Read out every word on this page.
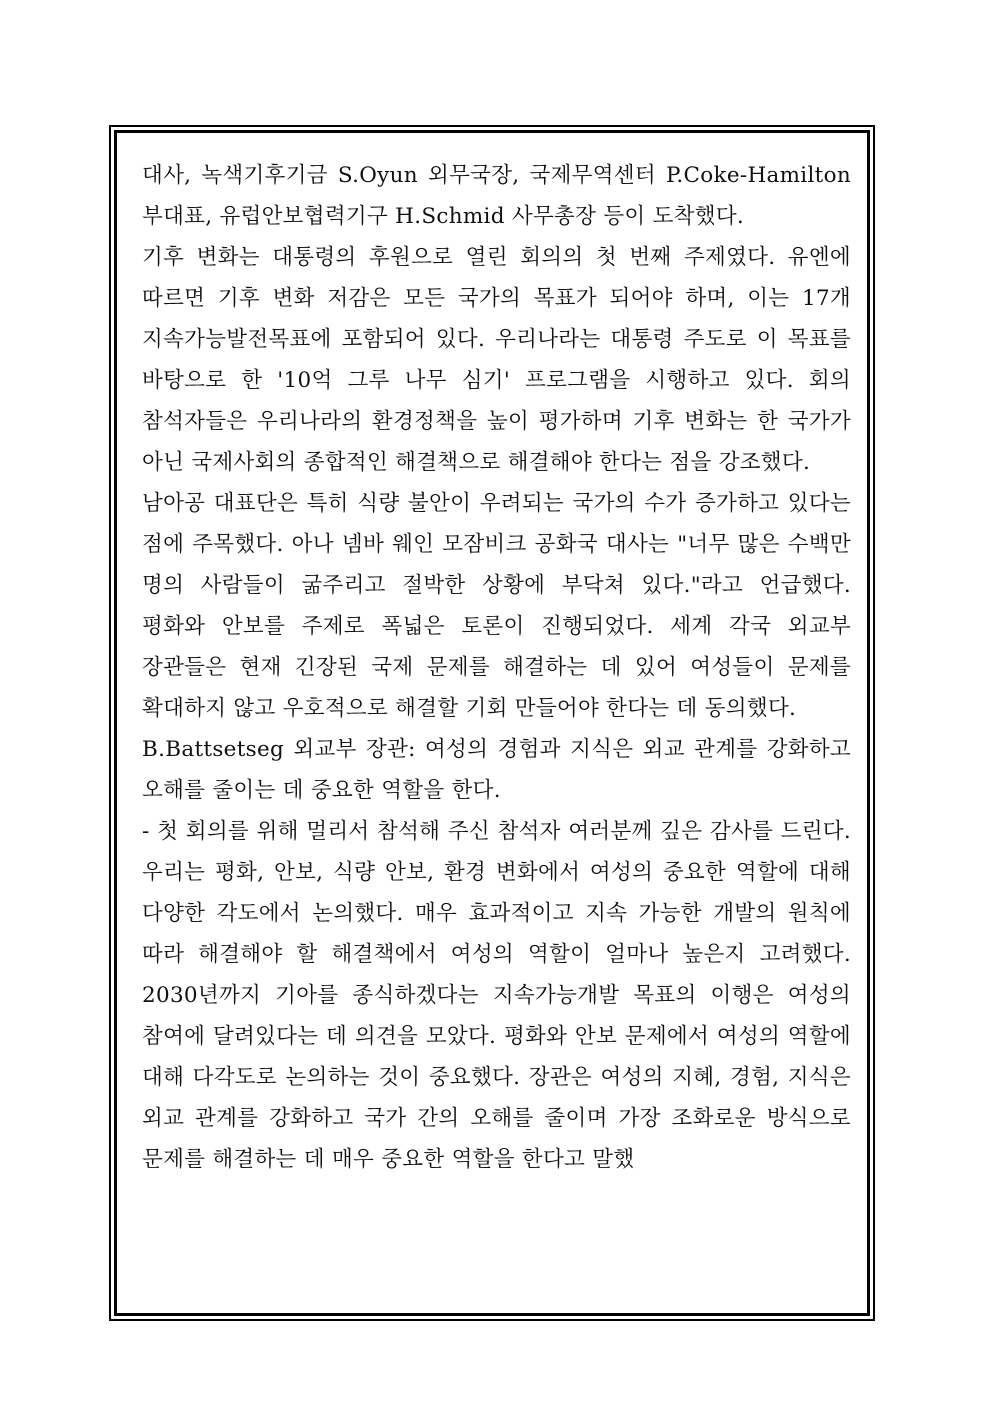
대사, 녹색기후기금 S.Oyun 외무국장, 국제무역센터 P.Coke-Hamilton 부대표, 유럽안보협력기구 H.Schmid 사무총장 등이 도착했다.

기후 변화는 대통령의 후원으로 열린 회의의 첫 번째 주제였다. 유엔에 따르면 기후 변화 저감은 모든 국가의 목표가 되어야 하며, 이는 17개 지속가능발전목표에 포함되어 있다. 우리나라는 대통령 주도로 이 목표를 바탕으로 한 '10억 그루 나무 심기' 프로그램을 시행하고 있다. 회의 참석자들은 우리나라의 환경정책을 높이 평가하며 기후 변화는 한 국가가 아닌 국제사회의 종합적인 해결책으로 해결해야 한다는 점을 강조했다.

남아공 대표단은 특히 식량 불안이 우려되는 국가의 수가 증가하고 있다는 점에 주목했다. 아나 넴바 웨인 모잠비크 공화국 대사는 "너무 많은 수백만 명의 사람들이 굶주리고 절박한 상황에 부닥쳐 있다."라고 언급했다. 평화와 안보를 주제로 폭넓은 토론이 진행되었다. 세계 각국 외교부 장관들은 현재 긴장된 국제 문제를 해결하는 데 있어 여성들이 문제를 확대하지 않고 우호적으로 해결할 기회 만들어야 한다는 데 동의했다.

B.Battsetseg 외교부 장관: 여성의 경험과 지식은 외교 관계를 강화하고 오해를 줄이는 데 중요한 역할을 한다.

- 첫 회의를 위해 멀리서 참석해 주신 참석자 여러분께 깊은 감사를 드린다. 우리는 평화, 안보, 식량 안보, 환경 변화에서 여성의 중요한 역할에 대해 다양한 각도에서 논의했다. 매우 효과적이고 지속 가능한 개발의 원칙에 따라 해결해야 할 해결책에서 여성의 역할이 얼마나 높은지 고려했다. 2030년까지 기아를 종식하겠다는 지속가능개발 목표의 이행은 여성의 참여에 달려있다는 데 의견을 모았다. 평화와 안보 문제에서 여성의 역할에 대해 다각도로 논의하는 것이 중요했다. 장관은 여성의 지혜, 경험, 지식은 외교 관계를 강화하고 국가 간의 오해를 줄이며 가장 조화로운 방식으로 문제를 해결하는 데 매우 중요한 역할을 한다고 말했
